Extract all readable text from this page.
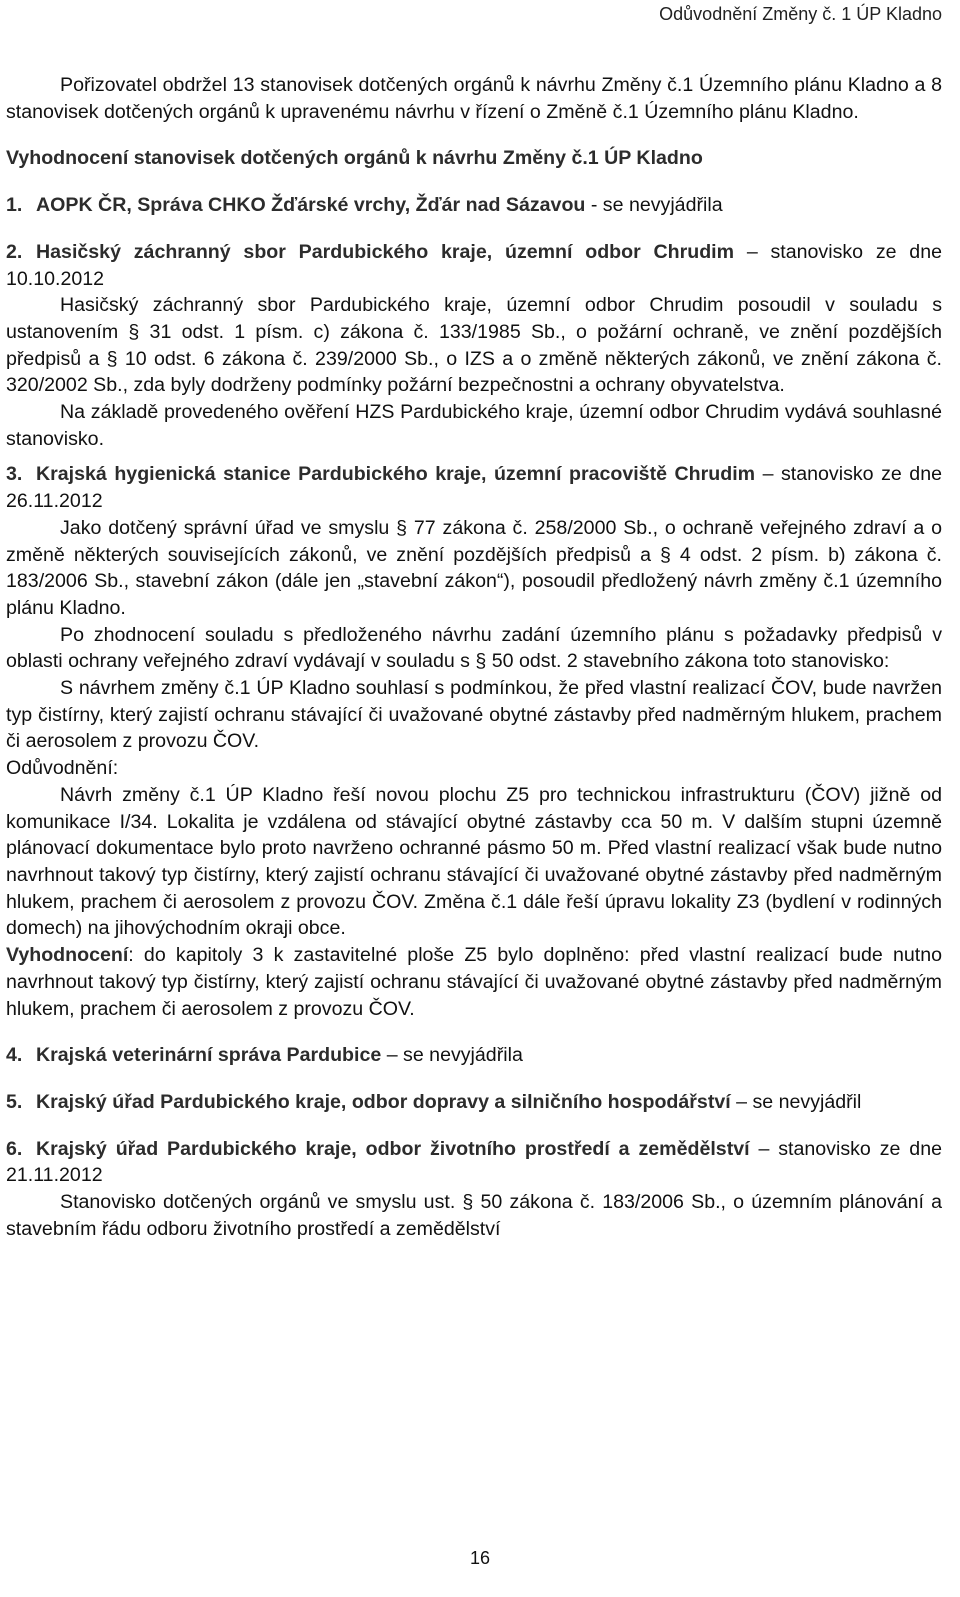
Odůvodnění Změny č. 1 ÚP Kladno

Pořizovatel obdržel 13 stanovisek dotčených orgánů k návrhu Změny č.1 Územního plánu Kladno a 8 stanovisek dotčených orgánů k upravenému návrhu v řízení o Změně č.1 Územního plánu Kladno.

Vyhodnocení stanovisek dotčených orgánů k návrhu Změny č.1 ÚP Kladno

1. AOPK ČR, Správa CHKO Žďárské vrchy, Žďár nad Sázavou - se nevyjádřila

2. Hasičský záchranný sbor Pardubického kraje, územní odbor Chrudim – stanovisko ze dne 10.10.2012

Hasičský záchranný sbor Pardubického kraje, územní odbor Chrudim posoudil v souladu s ustanovením § 31 odst. 1 písm. c) zákona č. 133/1985 Sb., o požární ochraně, ve znění pozdějších předpisů a § 10 odst. 6 zákona č. 239/2000 Sb., o IZS a o změně některých zákonů, ve znění zákona č. 320/2002 Sb., zda byly dodrženy podmínky požární bezpečnostni a ochrany obyvatelstva.

Na základě provedeného ověření HZS Pardubického kraje, územní odbor Chrudim vydává souhlasné stanovisko.

3. Krajská hygienická stanice Pardubického kraje, územní pracoviště Chrudim – stanovisko ze dne 26.11.2012

Jako dotčený správní úřad ve smyslu § 77 zákona č. 258/2000 Sb., o ochraně veřejného zdraví a o změně některých souvisejících zákonů, ve znění pozdějších předpisů a § 4 odst. 2 písm. b) zákona č. 183/2006 Sb., stavební zákon (dále jen „stavební zákon“), posoudil předložený návrh změny č.1 územního plánu Kladno.

Po zhodnocení souladu s předloženého návrhu zadání územního plánu s požadavky předpisů v oblasti ochrany veřejného zdraví vydávají v souladu s § 50 odst. 2 stavebního zákona toto stanovisko:

S návrhem změny č.1 ÚP Kladno souhlasí s podmínkou, že před vlastní realizací ČOV, bude navržen typ čistírny, který zajistí ochranu stávající či uvažované obytné zástavby před nadměrným hlukem, prachem či aerosolem z provozu ČOV.

Odůvodnění:

Návrh změny č.1 ÚP Kladno řeší novou plochu Z5 pro technickou infrastrukturu (ČOV) jižně od komunikace I/34. Lokalita je vzdálena od stávající obytné zástavby cca 50 m. V dalším stupni územně plánovací dokumentace bylo proto navrženo ochranné pásmo 50 m. Před vlastní realizací však bude nutno navrhnout takový typ čistírny, který zajistí ochranu stávající či uvažované obytné zástavby před nadměrným hlukem, prachem či aerosolem z provozu ČOV. Změna č.1 dále řeší úpravu lokality Z3 (bydlení v rodinných domech) na jihovýchodním okraji obce.

Vyhodnocení: do kapitoly 3 k zastavitelné ploše Z5 bylo doplněno: před vlastní realizací bude nutno navrhnout takový typ čistírny, který zajistí ochranu stávající či uvažované obytné zástavby před nadměrným hlukem, prachem či aerosolem z provozu ČOV.

4. Krajská veterinární správa Pardubice – se nevyjádřila

5. Krajský úřad Pardubického kraje, odbor dopravy a silničního hospodářství – se nevyjádřil

6. Krajský úřad Pardubického kraje, odbor životního prostředí a zemědělství – stanovisko ze dne 21.11.2012

Stanovisko dotčených orgánů ve smyslu ust. § 50 zákona č. 183/2006 Sb., o územním plánování a stavebním řádu odboru životního prostředí a zemědělství

16
